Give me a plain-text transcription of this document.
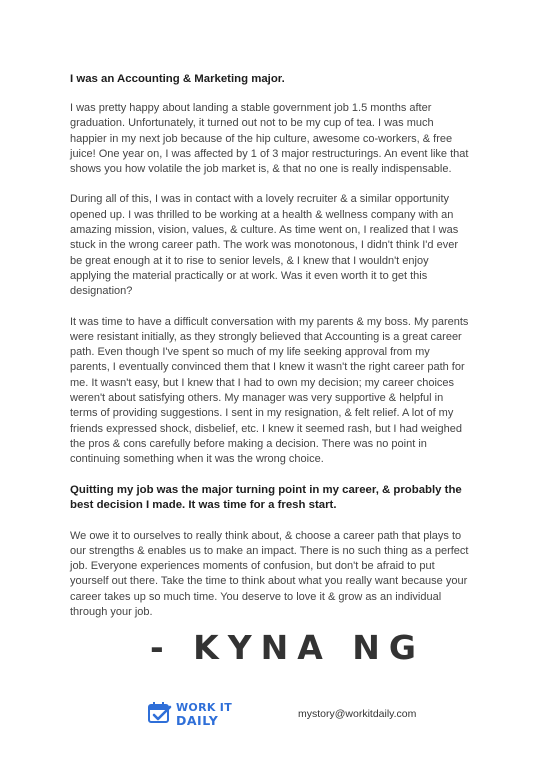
I was an Accounting & Marketing major.

I was pretty happy about landing a stable government job 1.5 months after graduation. Unfortunately, it turned out not to be my cup of tea. I was much happier in my next job because of the hip culture, awesome co-workers, & free juice! One year on, I was affected by 1 of 3 major restructurings. An event like that shows you how volatile the job market is, & that no one is really indispensable.

During all of this, I was in contact with a lovely recruiter & a similar opportunity opened up. I was thrilled to be working at a health & wellness company with an amazing mission, vision, values, & culture. As time went on, I realized that I was stuck in the wrong career path. The work was monotonous, I didn't think I'd ever be great enough at it to rise to senior levels, & I knew that I wouldn't enjoy applying the material practically or at work. Was it even worth it to get this designation?

It was time to have a difficult conversation with my parents & my boss. My parents were resistant initially, as they strongly believed that Accounting is a great career path. Even though I've spent so much of my life seeking approval from my parents, I eventually convinced them that I knew it wasn't the right career path for me. It wasn't easy, but I knew that I had to own my decision; my career choices weren't about satisfying others. My manager was very supportive & helpful in terms of providing suggestions. I sent in my resignation, & felt relief. A lot of my friends expressed shock, disbelief, etc. I knew it seemed rash, but I had weighed the pros & cons carefully before making a decision. There was no point in continuing something when it was the wrong choice.

Quitting my job was the major turning point in my career, & probably the best decision I made. It was time for a fresh start.

We owe it to ourselves to really think about, & choose a career path that plays to our strengths & enables us to make an impact. There is no such thing as a perfect job. Everyone experiences moments of confusion, but don't be afraid to put yourself out there. Take the time to think about what you really want because your career takes up so much time. You deserve to love it & grow as an individual through your job.

- KYNA NG
WORK IT
DAILY	mystory@workitdaily.com
